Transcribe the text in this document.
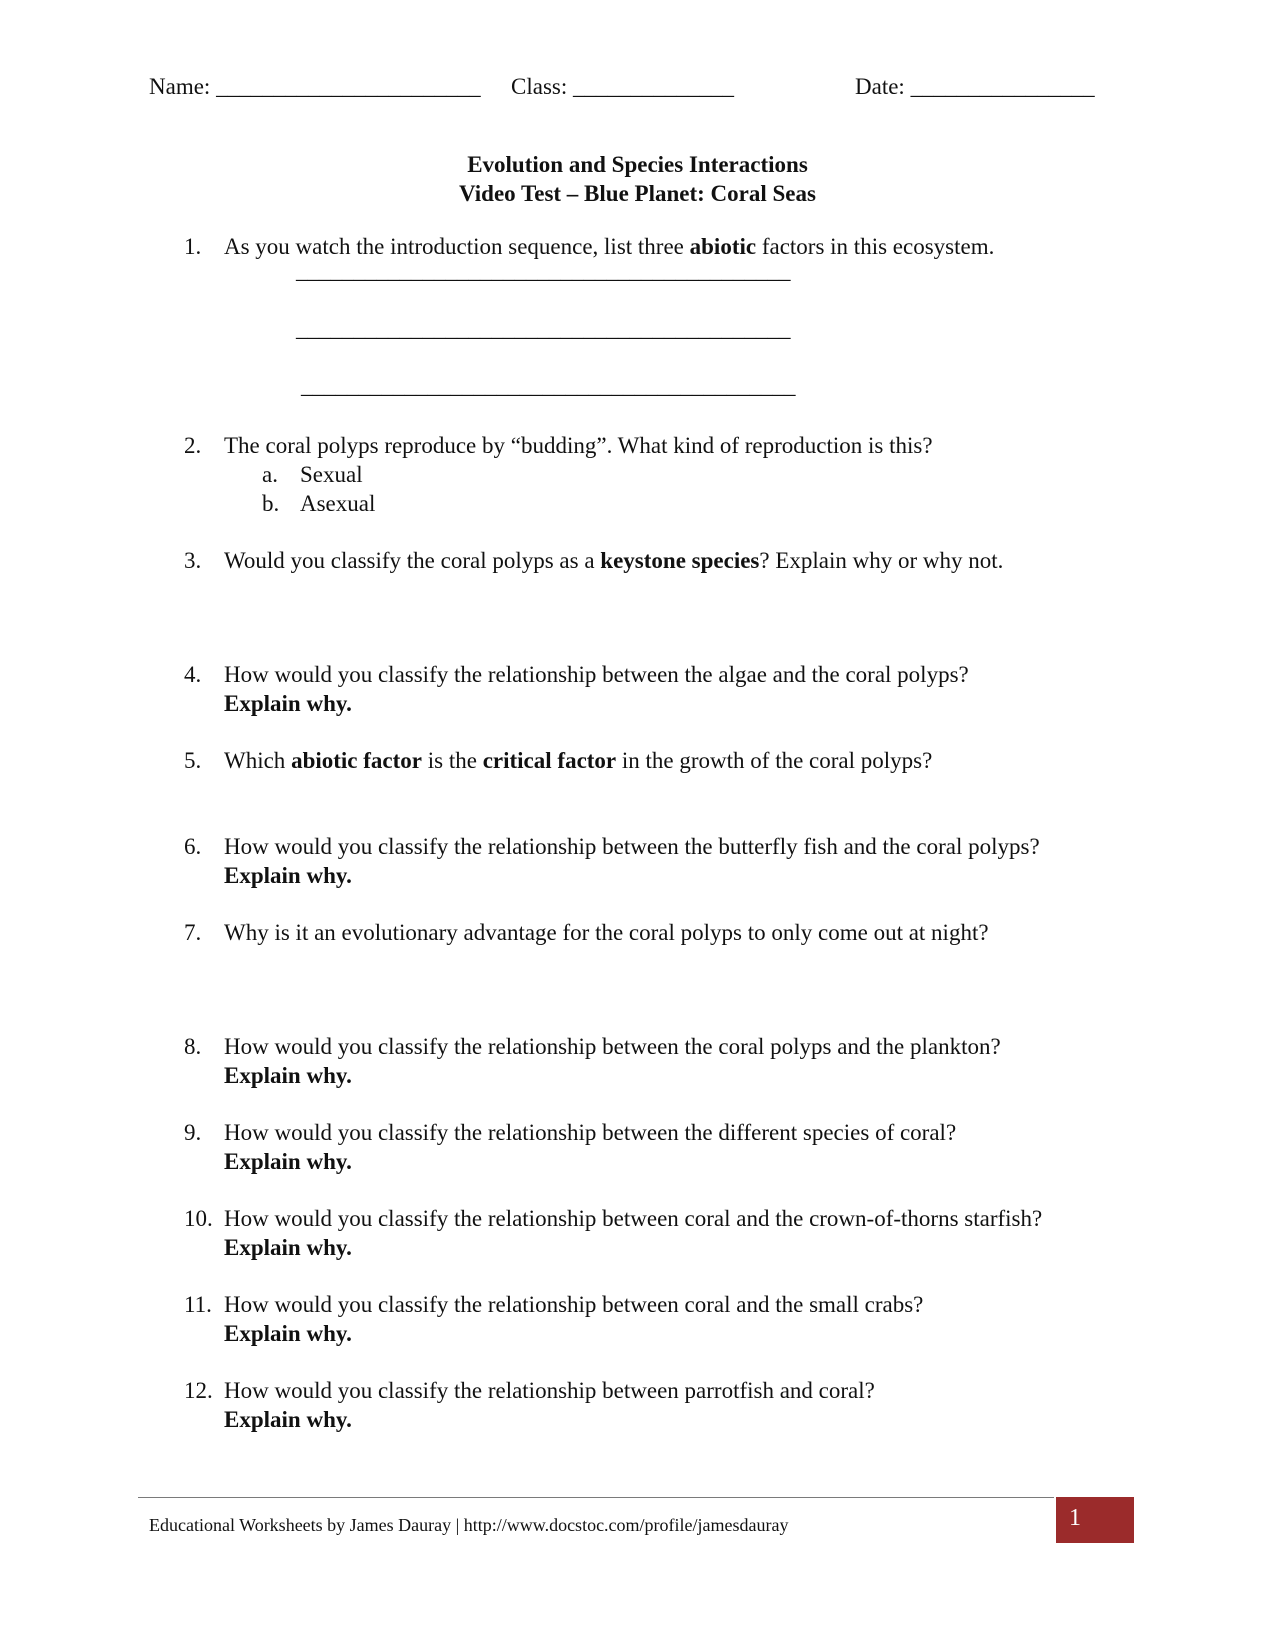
Name: _______________________ Class: ______________	Date: ________________
Evolution and Species Interactions
Video Test – Blue Planet: Coral Seas
1. As you watch the introduction sequence, list three abiotic factors in this ecosystem.
___________________________________________
___________________________________________
___________________________________________
2. The coral polyps reproduce by “budding”. What kind of reproduction is this?
a. Sexual
b. Asexual
3. Would you classify the coral polyps as a keystone species? Explain why or why not.
4. How would you classify the relationship between the algae and the coral polyps?
Explain why.
5. Which abiotic factor is the critical factor in the growth of the coral polyps?
6. How would you classify the relationship between the butterfly fish and the coral polyps?
Explain why.
7. Why is it an evolutionary advantage for the coral polyps to only come out at night?
8. How would you classify the relationship between the coral polyps and the plankton?
Explain why.
9. How would you classify the relationship between the different species of coral?
Explain why.
10. How would you classify the relationship between coral and the crown-of-thorns starfish?
Explain why.
11. How would you classify the relationship between coral and the small crabs?
Explain why.
12. How would you classify the relationship between parrotfish and coral?
Explain why.
Educational Worksheets by James Dauray | http://www.docstoc.com/profile/jamesdauray	1
